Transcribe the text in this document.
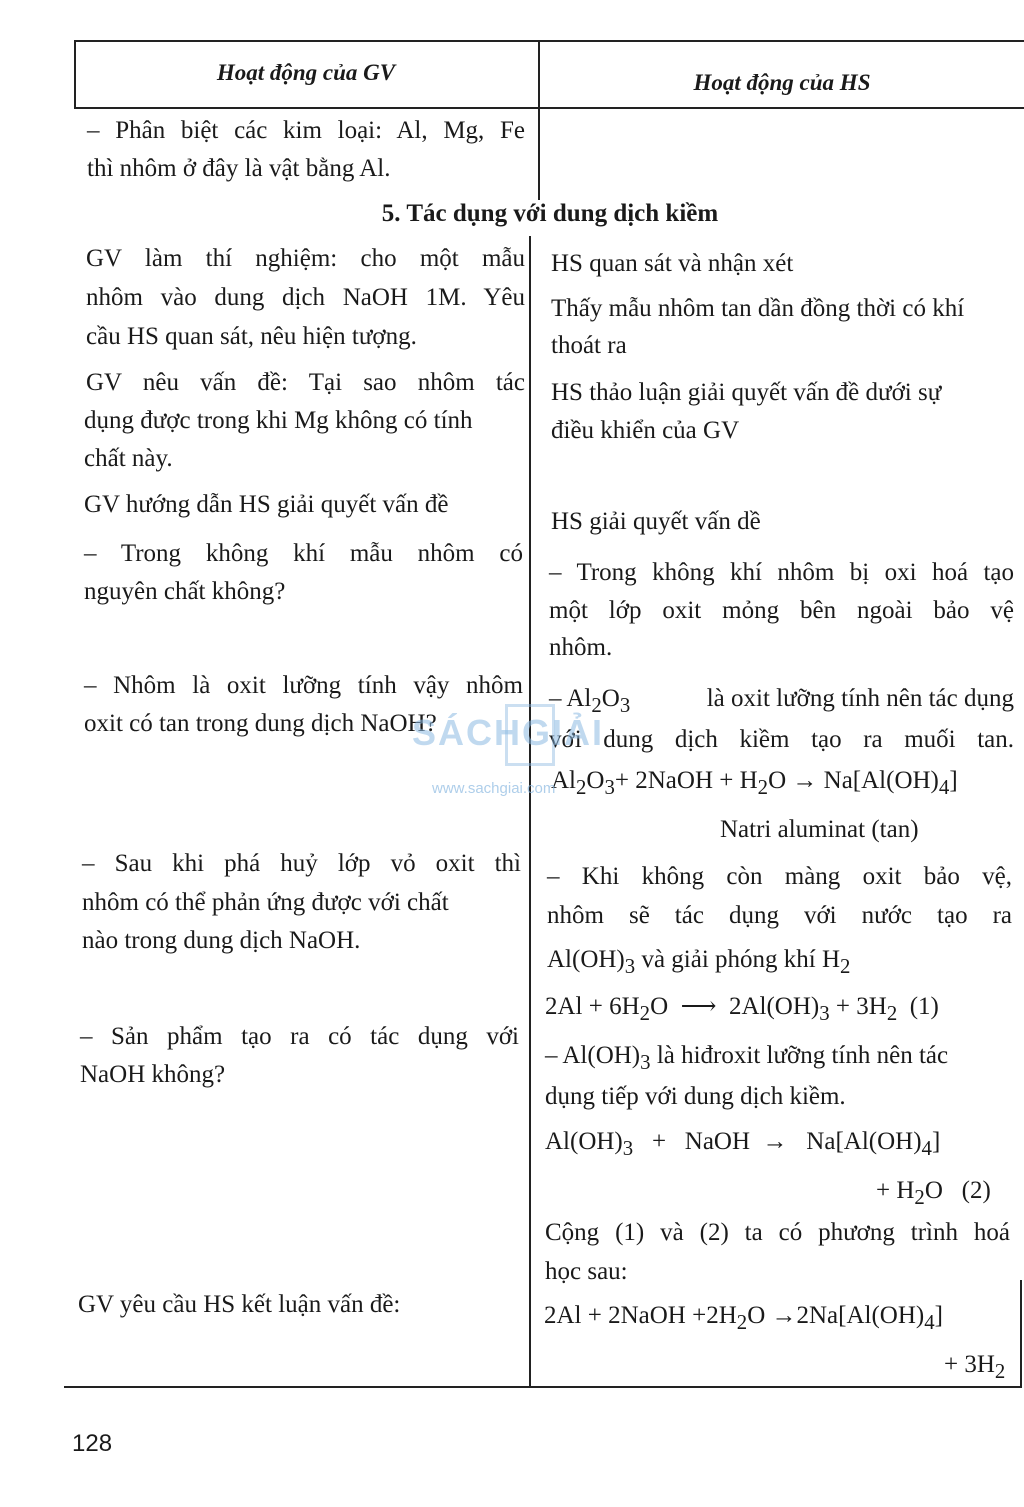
Hoạt động của GV	Hoạt động của HS
– Phân biệt các kim loại: Al, Mg, Fe
thì nhôm ở đây là vật bằng Al.
5. Tác dụng với dung dịch kiềm
GV làm thí nghiệm: cho một mẫu
nhôm vào dung dịch NaOH 1M. Yêu
cầu HS quan sát, nêu hiện tượng.
GV nêu vấn đề: Tại sao nhôm tác
dụng được trong khi Mg không có tính
chất này.
GV hướng dẫn HS giải quyết vấn đề
– Trong không khí mẫu nhôm có
nguyên chất không?
– Nhôm là oxit lưỡng tính vậy nhôm
oxit có tan trong dung dịch NaOH?
– Sau khi phá huỷ lớp vỏ oxit thì
nhôm có thể phản ứng được với chất
nào trong dung dịch NaOH.
– Sản phẩm tạo ra có tác dụng với
NaOH không?
GV yêu cầu HS kết luận vấn đề:
HS quan sát và nhận xét
Thấy mẫu nhôm tan dần đồng thời có khí
thoát ra
HS thảo luận giải quyết vấn đề dưới sự
điều khiển của GV
HS giải quyết vấn dề
– Trong không khí nhôm bị oxi hoá tạo
một lớp oxit mỏng bên ngoài bảo vệ
nhôm.
– $Al_2O_3$	là oxit lưỡng tính nên tác dụng
với dung dịch kiềm tạo ra muối tan.
$Al_2O_3+$ 2NaOH + $H_2O \to Na[Al(OH)_4]$
Natri aluminat (tan)
– Khi không còn màng oxit bảo vệ,
nhôm sẽ tác dụng với nước tạo ra
$Al(OH)_3$ và giải phóng khí $H_2$
$2Al + 6H_2O$  ⟶  $2Al(OH)_3 + 3H_2$  (1)
– $Al(OH)_3$ là hiđroxit lưỡng tính nên tác
dụng tiếp với dung dịch kiềm.
$Al(OH)_3$   +   NaOH  →   $Na[Al(OH)_4]$
+ $H_2O$   (2)
Cộng (1) và (2) ta có phương trình hoá
học sau:
2Al + 2NaOH $+2H_2O \to 2Na[Al(OH)_4]$
+ $3H_2$
SÁCHGIẢI
www.sachgiai.com
128
